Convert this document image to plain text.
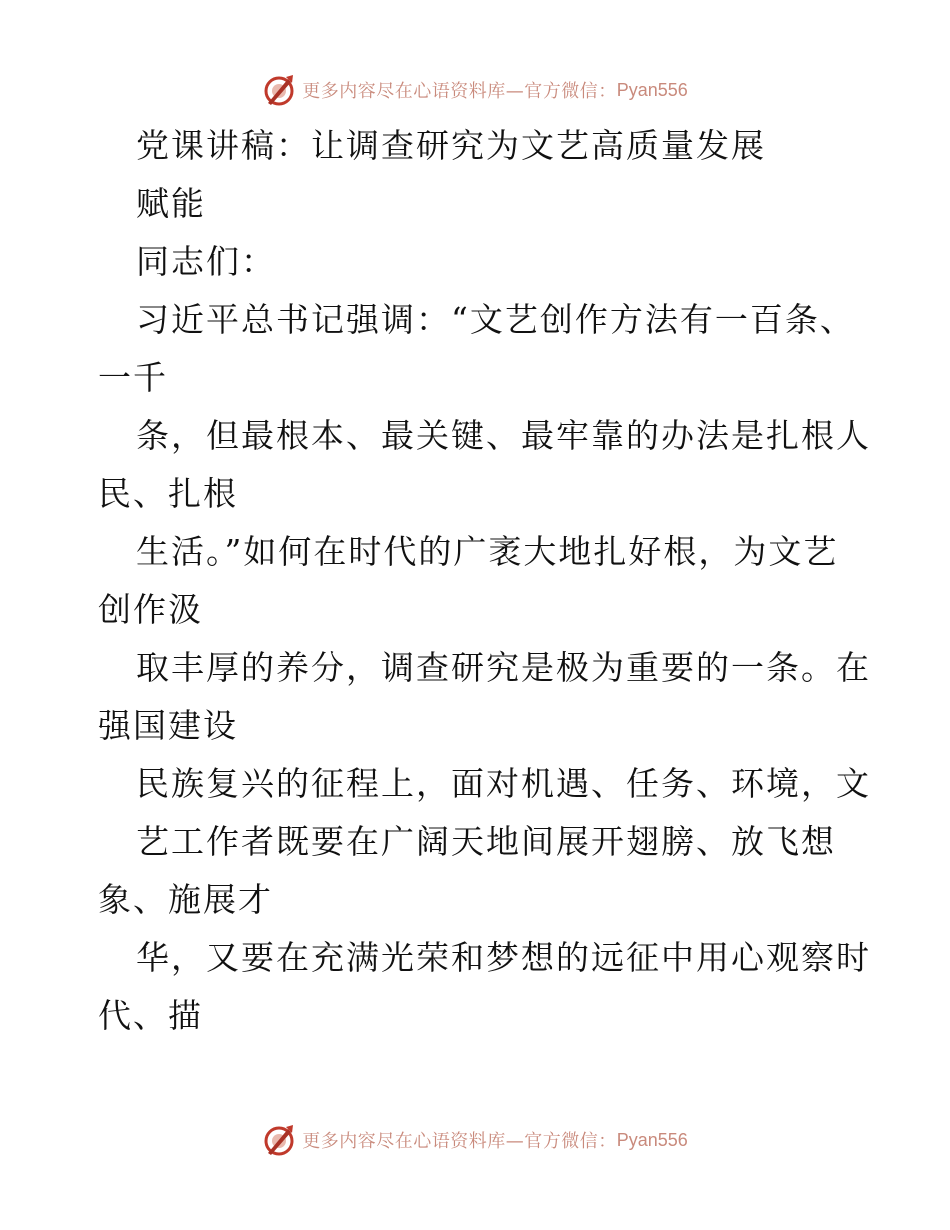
更多内容尽在心语资料库—官方微信： Pyan556
党课讲稿：让调查研究为文艺高质量发展
赋能
同志们：
习近平总书记强调：“文艺创作方法有一百条、
一千
条，但最根本、最关键、最牢靠的办法是扎根人
民、扎根
生活。”如何在时代的广袤大地扎好根，为文艺
创作汲
取丰厚的养分，调查研究是极为重要的一条。在
强国建设
民族复兴的征程上，面对机遇、任务、环境，文
艺工作者既要在广阔天地间展开翅膀、放飞想
象、施展才
华，又要在充满光荣和梦想的远征中用心观察时
代、描
更多内容尽在心语资料库—官方微信： Pyan556
